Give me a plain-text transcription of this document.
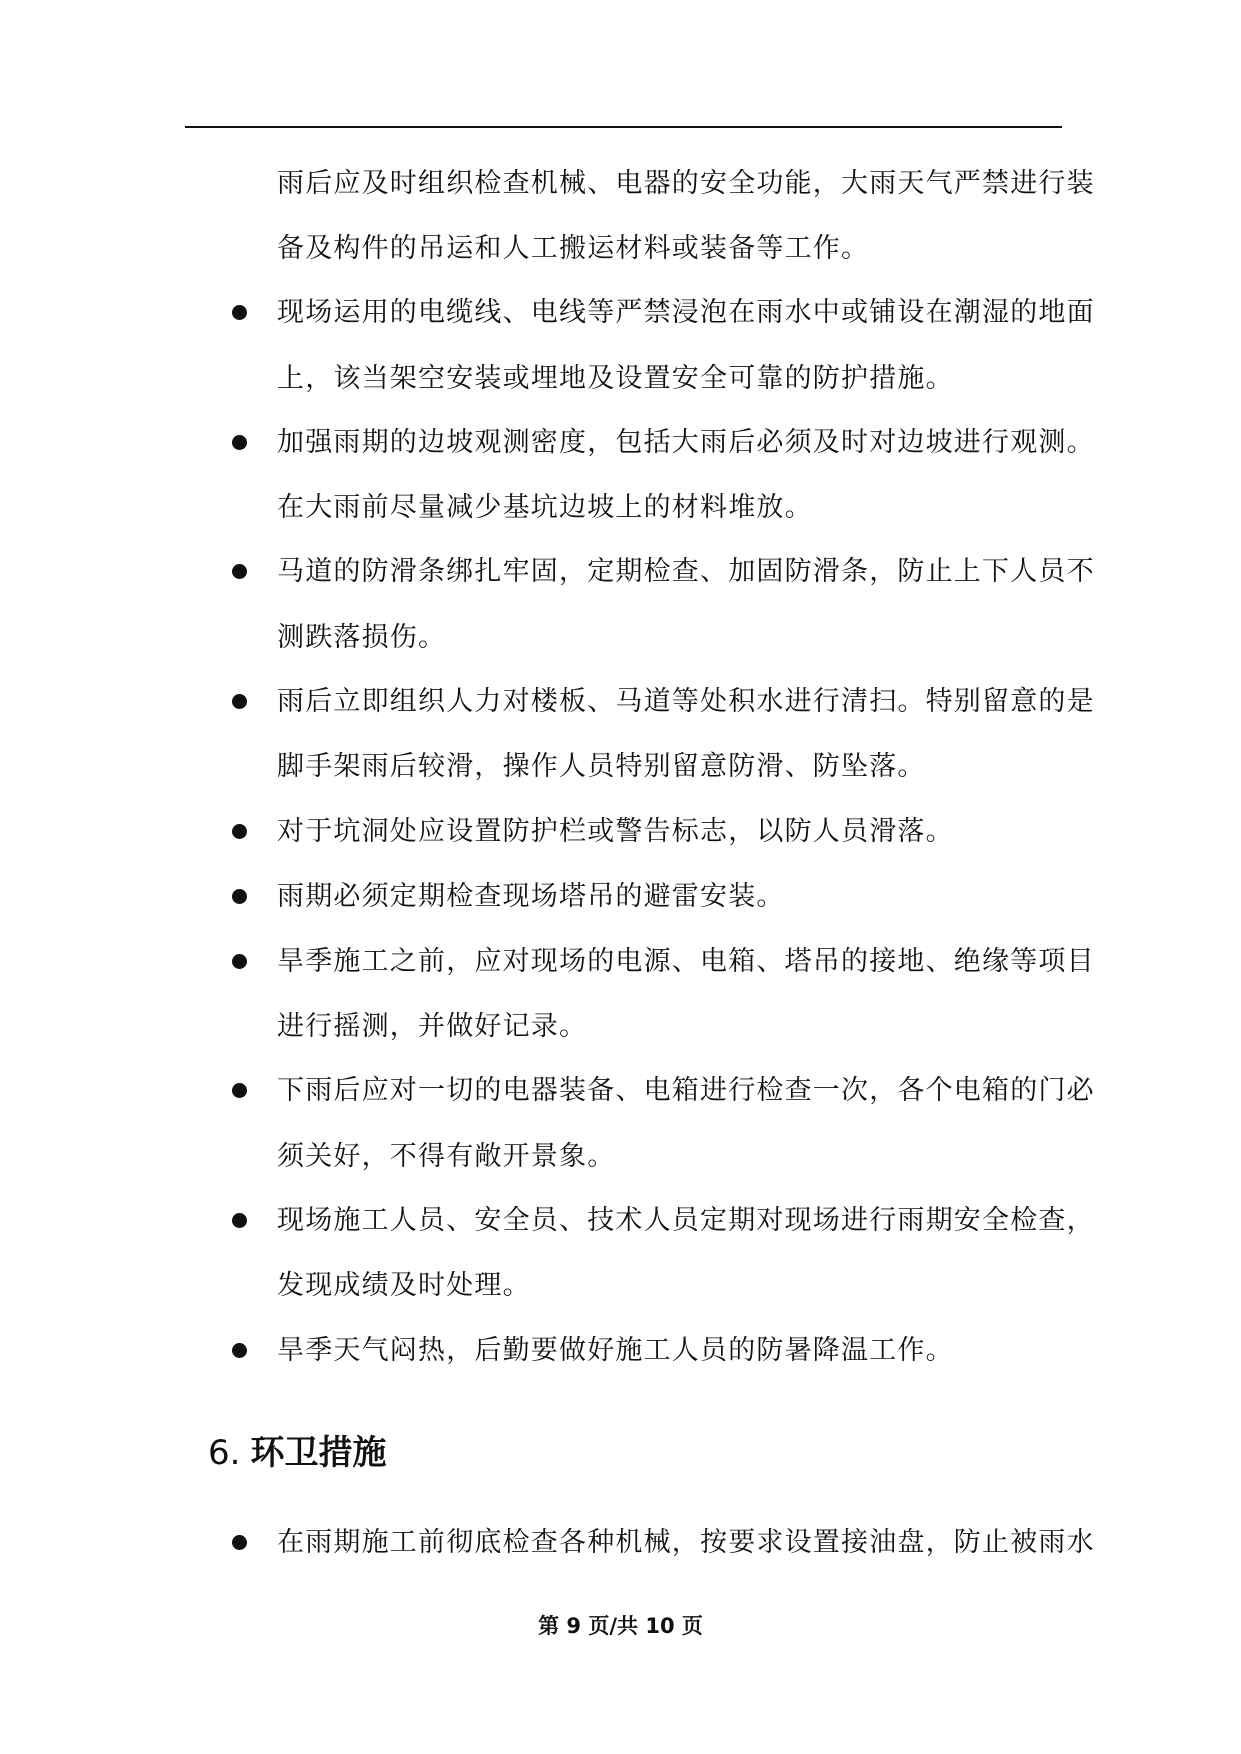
雨后应及时组织检查机械、电器的安全功能，大雨天气严禁进行装
备及构件的吊运和人工搬运材料或装备等工作。
现场运用的电缆线、电线等严禁浸泡在雨水中或铺设在潮湿的地面
上，该当架空安装或埋地及设置安全可靠的防护措施。
加强雨期的边坡观测密度，包括大雨后必须及时对边坡进行观测。
在大雨前尽量减少基坑边坡上的材料堆放。
马道的防滑条绑扎牢固，定期检查、加固防滑条，防止上下人员不
测跌落损伤。
雨后立即组织人力对楼板、马道等处积水进行清扫。特别留意的是
脚手架雨后较滑，操作人员特别留意防滑、防坠落。
对于坑洞处应设置防护栏或警告标志，以防人员滑落。
雨期必须定期检查现场塔吊的避雷安装。
旱季施工之前，应对现场的电源、电箱、塔吊的接地、绝缘等项目
进行摇测，并做好记录。
下雨后应对一切的电器装备、电箱进行检查一次，各个电箱的门必
须关好，不得有敞开景象。
现场施工人员、安全员、技术人员定期对现场进行雨期安全检查，
发现成绩及时处理。
旱季天气闷热，后勤要做好施工人员的防暑降温工作。
6. 环卫措施
在雨期施工前彻底检查各种机械，按要求设置接油盘，防止被雨水
第 9 页/共 10 页
